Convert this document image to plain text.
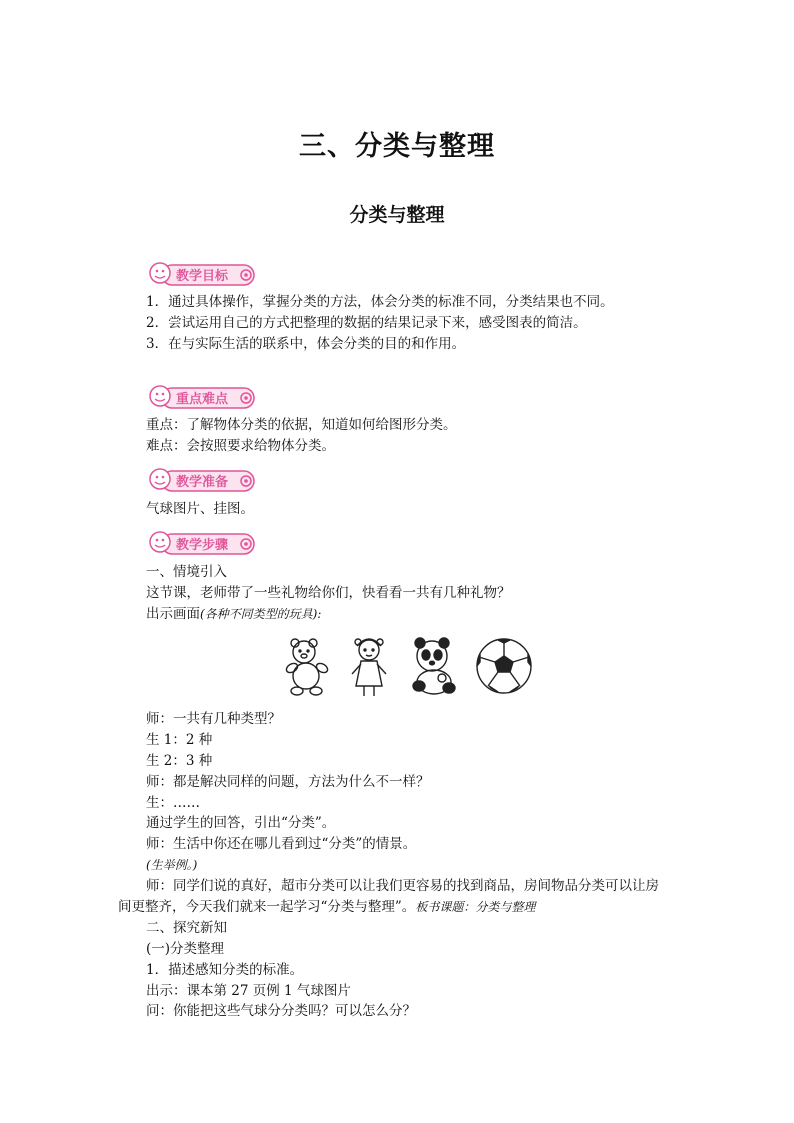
三、分类与整理
分类与整理
教学目标
1．通过具体操作，掌握分类的方法，体会分类的标准不同，分类结果也不同。
2．尝试运用自己的方式把整理的数据的结果记录下来，感受图表的简洁。
3．在与实际生活的联系中，体会分类的目的和作用。
重点难点
重点：了解物体分类的依据，知道如何给图形分类。
难点：会按照要求给物体分类。
教学准备
气球图片、挂图。
教学步骤
一、情境引入
这节课，老师带了一些礼物给你们，快看看一共有几种礼物？
出示画面(各种不同类型的玩具):
师：一共有几种类型？
生 1：2 种
生 2：3 种
师：都是解决同样的问题，方法为什么不一样？
生：……
通过学生的回答，引出“分类”。
师：生活中你还在哪儿看到过“分类”的情景。
(生举例。)
师：同学们说的真好，超市分类可以让我们更容易的找到商品，房间物品分类可以让房
间更整齐，今天我们就来一起学习“分类与整理”。板书课题：分类与整理
二、探究新知
(一)分类整理
1．描述感知分类的标准。
出示：课本第 27 页例 1 气球图片
问：你能把这些气球分分类吗？可以怎么分？
